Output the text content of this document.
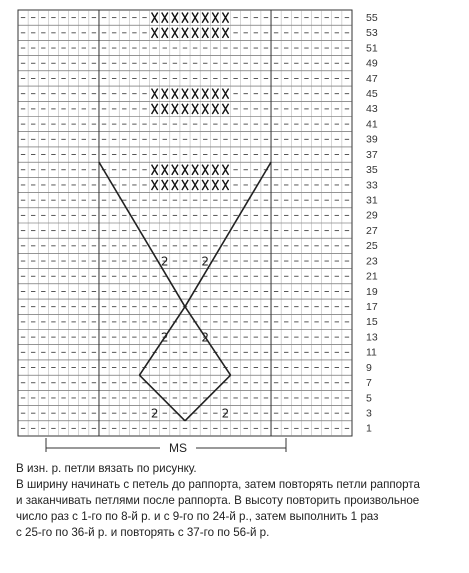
2	2
2	2
2	2
55
53
51
49
47
45
43
41
39
37
35
33
31
29
27
25
23
21
19
17
15
13
11
9
7
5
3
1
MS

В изн. р. петли вязать по рисунку.

В ширину начинать с петель до раппорта, затем повторять петли раппорта

и заканчивать петлями после раппорта. В высоту повторить произвольное

число раз с 1-го по 8-й р. и с 9-го по 24-й р., затем выполнить 1 раз

с 25-го по 36-й р. и повторять с 37-го по 56-й р.
